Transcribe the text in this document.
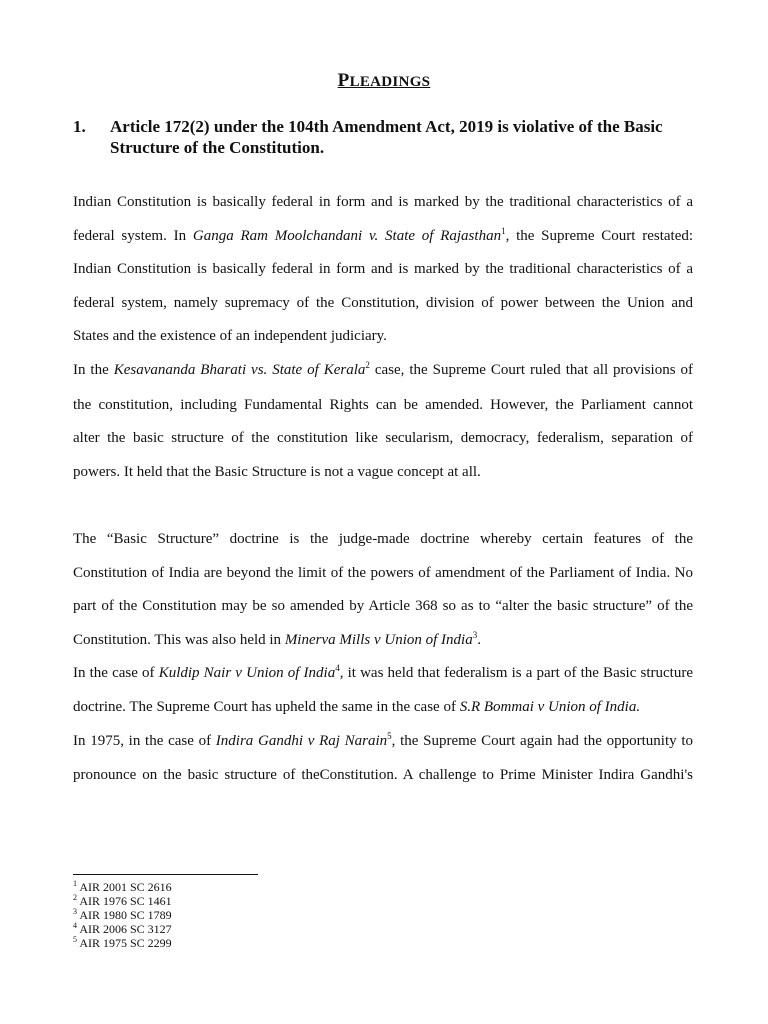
PLEADINGS
1. Article 172(2) under the 104th Amendment Act, 2019 is violative of the Basic Structure of the Constitution.
Indian Constitution is basically federal in form and is marked by the traditional characteristics of a
federal system. In Ganga Ram Moolchandani v. State of Rajasthan$^1$, the Supreme Court restated:
Indian Constitution is basically federal in form and is marked by the traditional characteristics of a
federal system, namely supremacy of the Constitution, division of power between the Union and
States and the existence of an independent judiciary.
In the Kesavananda Bharati vs. State of Kerala$^2$ case, the Supreme Court ruled that all provisions of
the constitution, including Fundamental Rights can be amended. However, the Parliament cannot
alter the basic structure of the constitution like secularism, democracy, federalism, separation of
powers. It held that the Basic Structure is not a vague concept at all.
The “Basic Structure” doctrine is the judge-made doctrine whereby certain features of the
Constitution of India are beyond the limit of the powers of amendment of the Parliament of India. No
part of the Constitution may be so amended by Article 368 so as to “alter the basic structure” of the
Constitution. This was also held in Minerva Mills v Union of India$^3$.
In the case of Kuldip Nair v Union of India$^4$, it was held that federalism is a part of the Basic structure
doctrine. The Supreme Court has upheld the same in the case of S.R Bommai v Union of India.
In 1975, in the case of Indira Gandhi v Raj Narain$^5$, the Supreme Court again had the opportunity to
pronounce on the basic structure of theConstitution. A challenge to Prime Minister Indira Gandhi's
$^1$ AIR 2001 SC 2616
$^2$ AIR 1976 SC 1461
$^3$ AIR 1980 SC 1789
$^4$ AIR 2006 SC 3127
$^5$ AIR 1975 SC 2299
